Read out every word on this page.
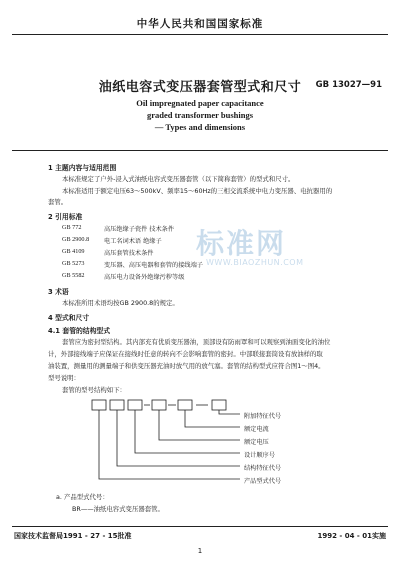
中华人民共和国国家标准
油纸电容式变压器套管型式和尺寸	GB 13027—91
Oil impregnated paper capacitance
graded transformer bushings
— Types and dimensions
1 主题内容与适用范围
本标准规定了户外-浸入式油纸电容式变压器套管（以下简称套管）的型式和尺寸。
本标准适用于额定电压63～500kV、频率15～60Hz的三相交流系统中电力变压器、电抗器用的
套管。
2 引用标准
GB 772	高压绝缘子瓷件 技术条件
GB 2900.8 电工名词术语 绝缘子
GB 4109	高压套管技术条件
GB 5273	变压器、高压电器和套管的接线端子
GB 5582	高压电力设备外绝缘污秽等级
标准网
WWW.BIAOZHUN.COM
3 术语
本标准所用术语均按GB 2900.8的规定。
4 型式和尺寸
4.1 套管的结构型式
套管应为密封型结构。其内部充有优质变压器油，顶部设有防雨罩和可以观察到油面变化的油位
计，外部接线端子应保证在接线时任意的转向不会影响套管的密封。中部联接套筒设有放油样的取
油装置，测量用的测量端子和供变压器充油时放气用的放气塞。套管的结构型式应符合图1～图4。
型号说明：
套管的型号结构如下：
附加特征代号
额定电流
额定电压
设计顺序号
结构特征代号
产品型式代号
a. 产品型式代号：
BR——油纸电容式变压器套管。
国家技术监督局1991 - 27 - 15批准	1992 - 04 - 01实施
1
